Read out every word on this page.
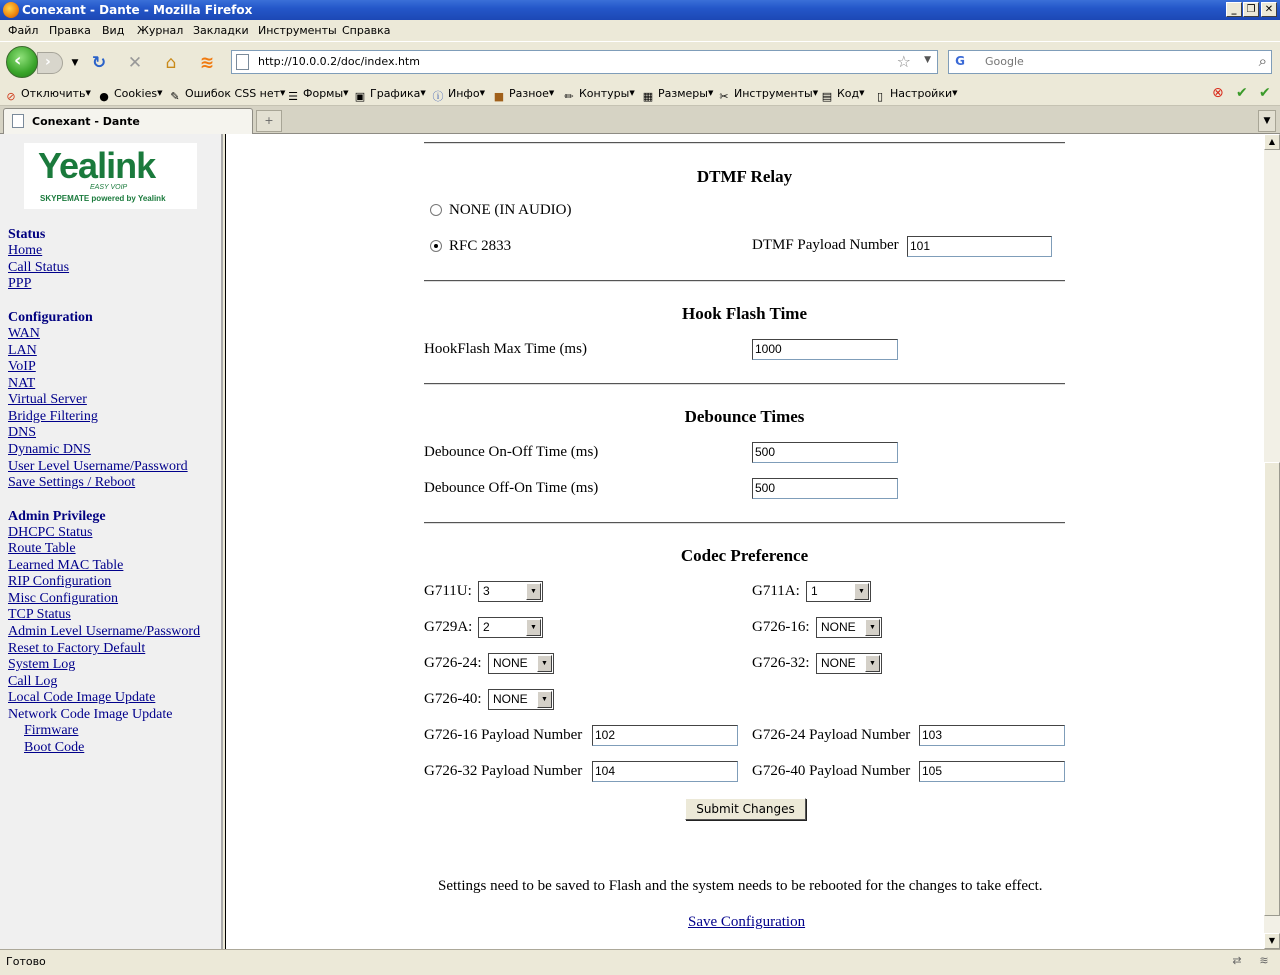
Conexant - Dante - Mozilla Firefox	_	❐ ✕
Файл Правка Вид Журнал Закладки Инструменты Справка
›
‹	▼ ↻ ✕	⌂	≋
http://10.0.0.2/doc/index.htm	☆ ▼ G
Google	⌕
⊘ Отключить▼ ● Cookies▼ ✎ Ошибок CSS нет▼ ☰ Формы▼ ▣ Графика▼ ⓘ Инфо▼ ■ Разное▼ ✏ Контуры▼ ▦ Размеры▼ ✂ Инструменты▼ ▤ Код▼	▯ Настройки▼	⊗ ✔ ✔
Conexant - Dante	+	▼
Yealink
EASY VOIP
SKYPEMATE powered by Yealink
Status
Home
Call Status
PPP
Configuration
WAN
LAN
VoIP
NAT
Virtual Server
Bridge Filtering
DNS
Dynamic DNS
User Level Username/Password
Save Settings / Reboot
Admin Privilege
DHCPC Status
Route Table
Learned MAC Table
RIP Configuration
Misc Configuration
TCP Status
Admin Level Username/Password
Reset to Factory Default
System Log
Call Log
Local Code Image Update
Network Code Image Update
Firmware
Boot Code
DTMF Relay
NONE (IN AUDIO)
RFC 2833	DTMF Payload Number 101
Hook Flash Time
HookFlash Max Time (ms)	1000
Debounce Times
Debounce On-Off Time (ms)	500
Debounce Off-On Time (ms)	500
Codec Preference
G711U: 3	▼	G711A: 1	▼
G729A: 2	▼	G726-16: NONE	▼
G726-24: NONE	▼	G726-32: NONE	▼
G726-40: NONE	▼
G726-16 Payload Number 102	G726-24 Payload Number 103
G726-32 Payload Number 104	G726-40 Payload Number 105
Submit Changes
Settings need to be saved to Flash and the system needs to be rebooted for the changes to take effect.
Save Configuration
▲
▼
Готово	⇄	≋
